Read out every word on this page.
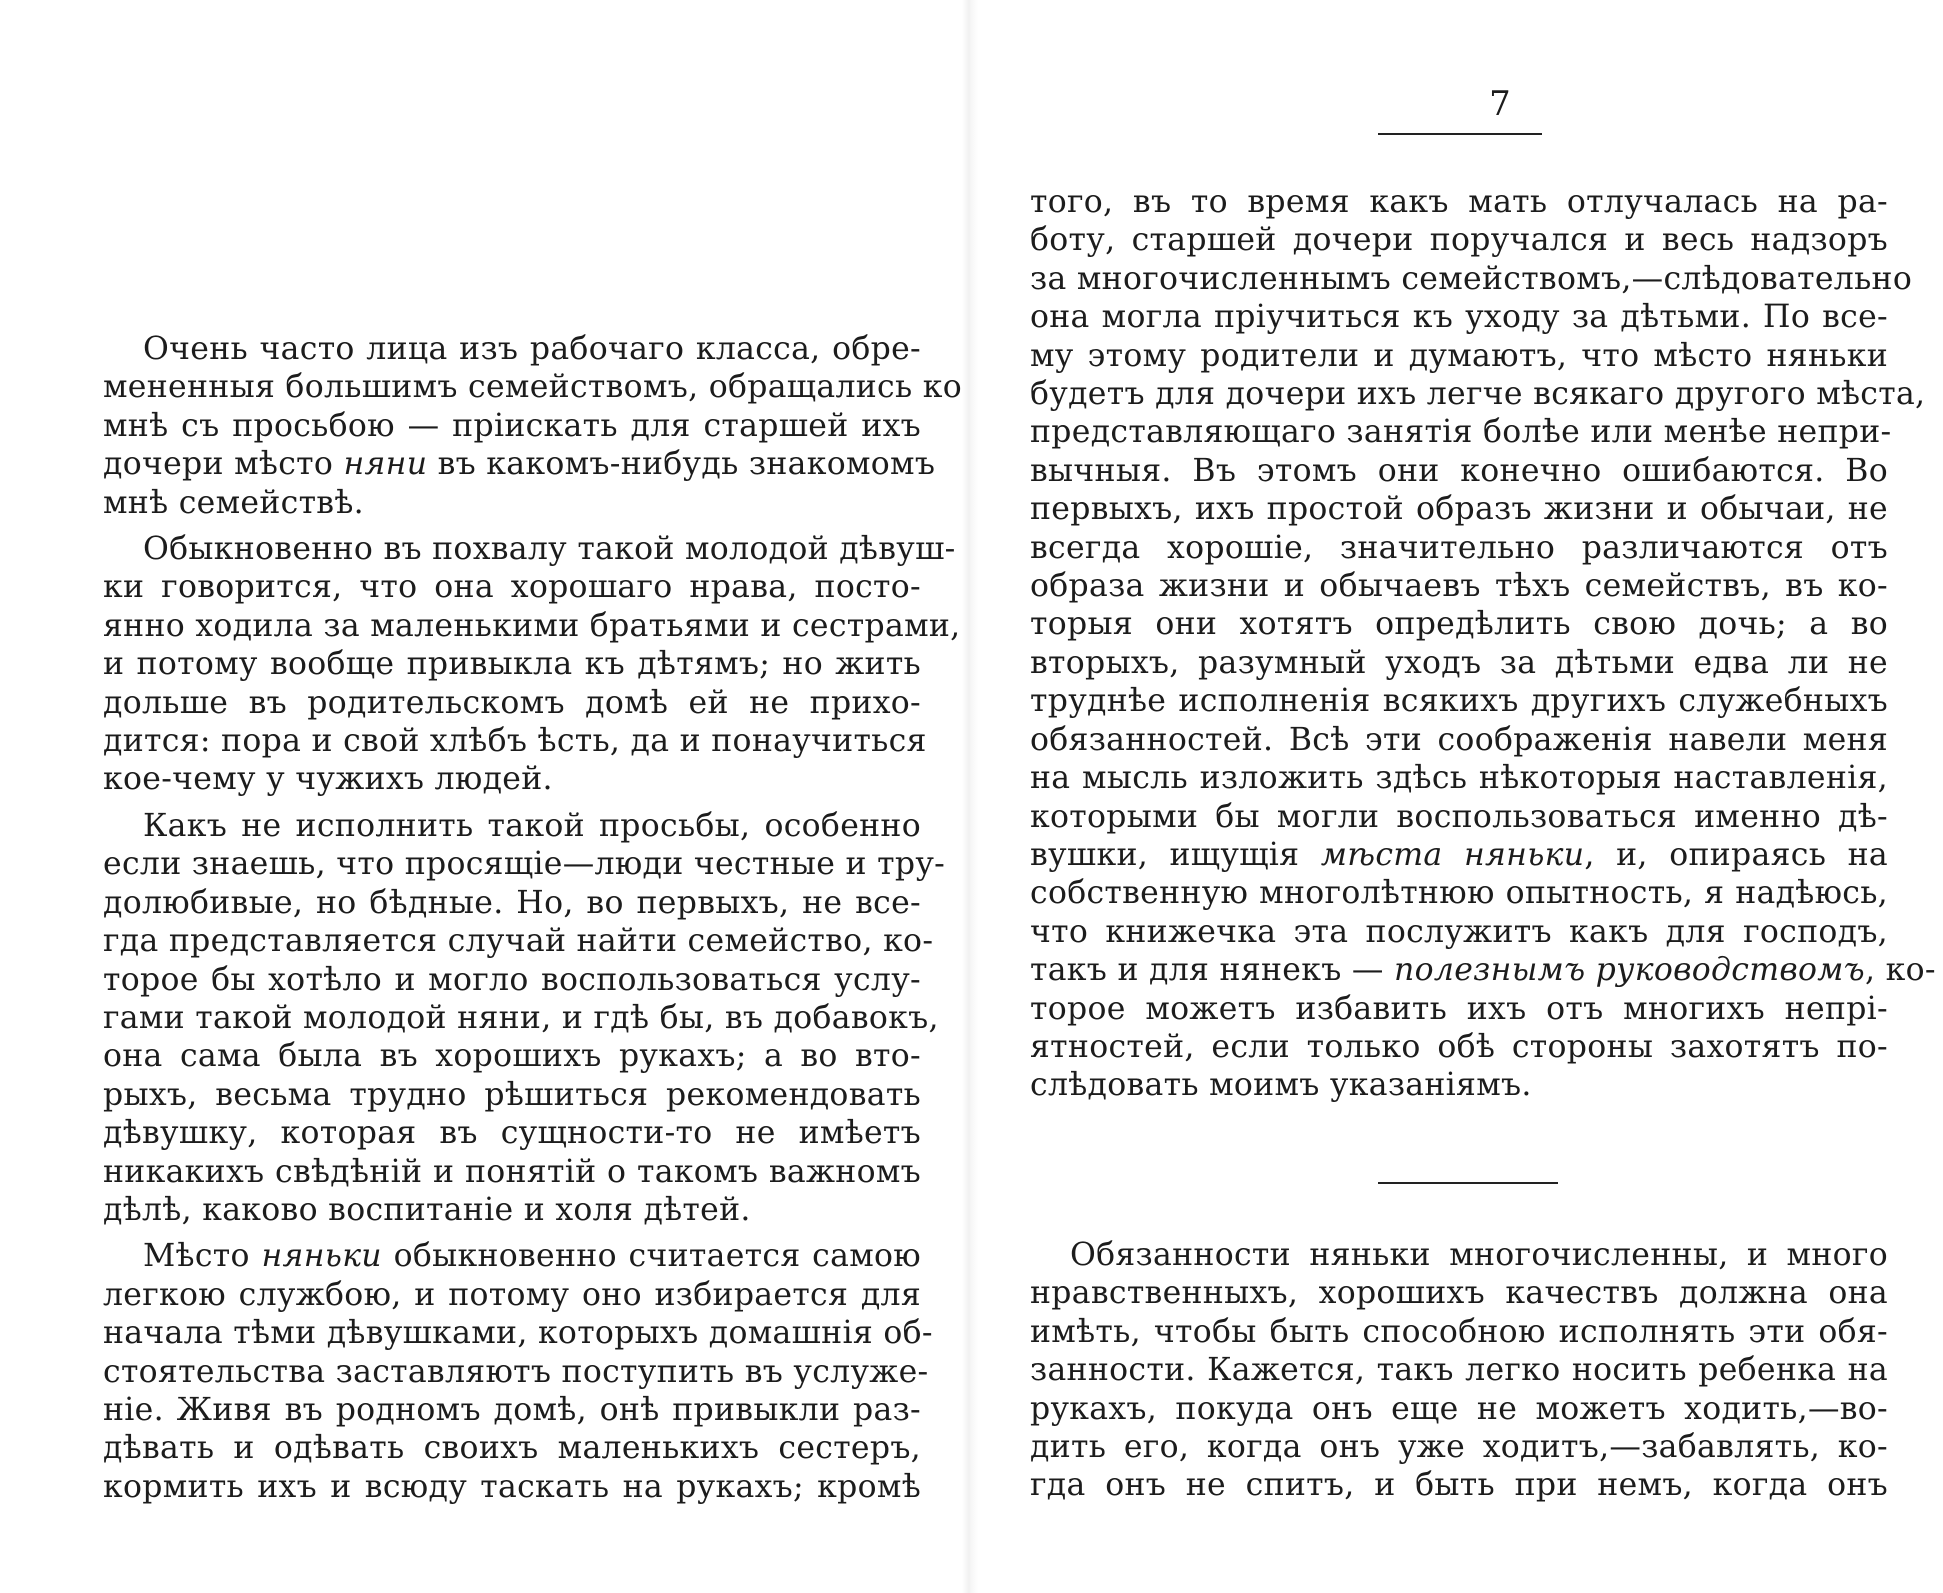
Очень часто лица изъ рабочаго класса, обре-
мененныя большимъ семействомъ, обращались ко
мнѣ съ просьбою — пріискать для старшей ихъ
дочери мѣсто няни въ какомъ-нибудь знакомомъ
мнѣ семействѣ.
Обыкновенно въ похвалу такой молодой дѣвуш-
ки говорится, что она хорошаго нрава, посто-
янно ходила за маленькими братьями и сестрами,
и потому вообще привыкла къ дѣтямъ; но жить
дольше въ родительскомъ домѣ ей не прихо-
дится: пора и свой хлѣбъ ѣсть, да и понаучиться
кое-чему у чужихъ людей.
Какъ не исполнить такой просьбы, особенно
если знаешь, что просящіе—люди честные и тру-
долюбивые, но бѣдные. Но, во первыхъ, не все-
гда представляется случай найти семейство, ко-
торое бы хотѣло и могло воспользоваться услу-
гами такой молодой няни, и гдѣ бы, въ добавокъ,
она сама была въ хорошихъ рукахъ; а во вто-
рыхъ, весьма трудно рѣшиться рекомендовать
дѣвушку, которая въ сущности-то не имѣетъ
никакихъ свѣдѣній и понятій о такомъ важномъ
дѣлѣ, каково воспитаніе и холя дѣтей.
Мѣсто няньки обыкновенно считается самою
легкою службою, и потому оно избирается для
начала тѣми дѣвушками, которыхъ домашнія об-
стоятельства заставляютъ поступить въ услуже-
ніе. Живя въ родномъ домѣ, онѣ привыкли раз-
дѣвать и одѣвать своихъ маленькихъ сестеръ,
кормить ихъ и всюду таскать на рукахъ; кромѣ
7
того, въ то время какъ мать отлучалась на ра-
боту, старшей дочери поручался и весь надзоръ
за многочисленнымъ семействомъ,—слѣдовательно
она могла пріучиться къ уходу за дѣтьми. По все-
му этому родители и думаютъ, что мѣсто няньки
будетъ для дочери ихъ легче всякаго другого мѣста,
представляющаго занятія болѣе или менѣе непри-
вычныя. Въ этомъ они конечно ошибаются. Во
первыхъ, ихъ простой образъ жизни и обычаи, не
всегда хорошіе, значительно различаются отъ
образа жизни и обычаевъ тѣхъ семействъ, въ ко-
торыя они хотятъ опредѣлить свою дочь; а во
вторыхъ, разумный уходъ за дѣтьми едва ли не
труднѣе исполненія всякихъ другихъ служебныхъ
обязанностей. Всѣ эти соображенія навели меня
на мысль изложить здѣсь нѣкоторыя наставленія,
которыми бы могли воспользоваться именно дѣ-
вушки, ищущія мѣста няньки, и, опираясь на
собственную многолѣтнюю опытность, я надѣюсь,
что книжечка эта послужитъ какъ для господъ,
такъ и для нянекъ — полезнымъ руководствомъ, ко-
торое можетъ избавить ихъ отъ многихъ непрі-
ятностей, если только обѣ стороны захотятъ по-
слѣдовать моимъ указаніямъ.
Обязанности няньки многочисленны, и много
нравственныхъ, хорошихъ качествъ должна она
имѣть, чтобы быть способною исполнять эти обя-
занности. Кажется, такъ легко носить ребенка на
рукахъ, покуда онъ еще не можетъ ходить,—во-
дить его, когда онъ уже ходитъ,—забавлять, ко-
гда онъ не спитъ, и быть при немъ, когда онъ
